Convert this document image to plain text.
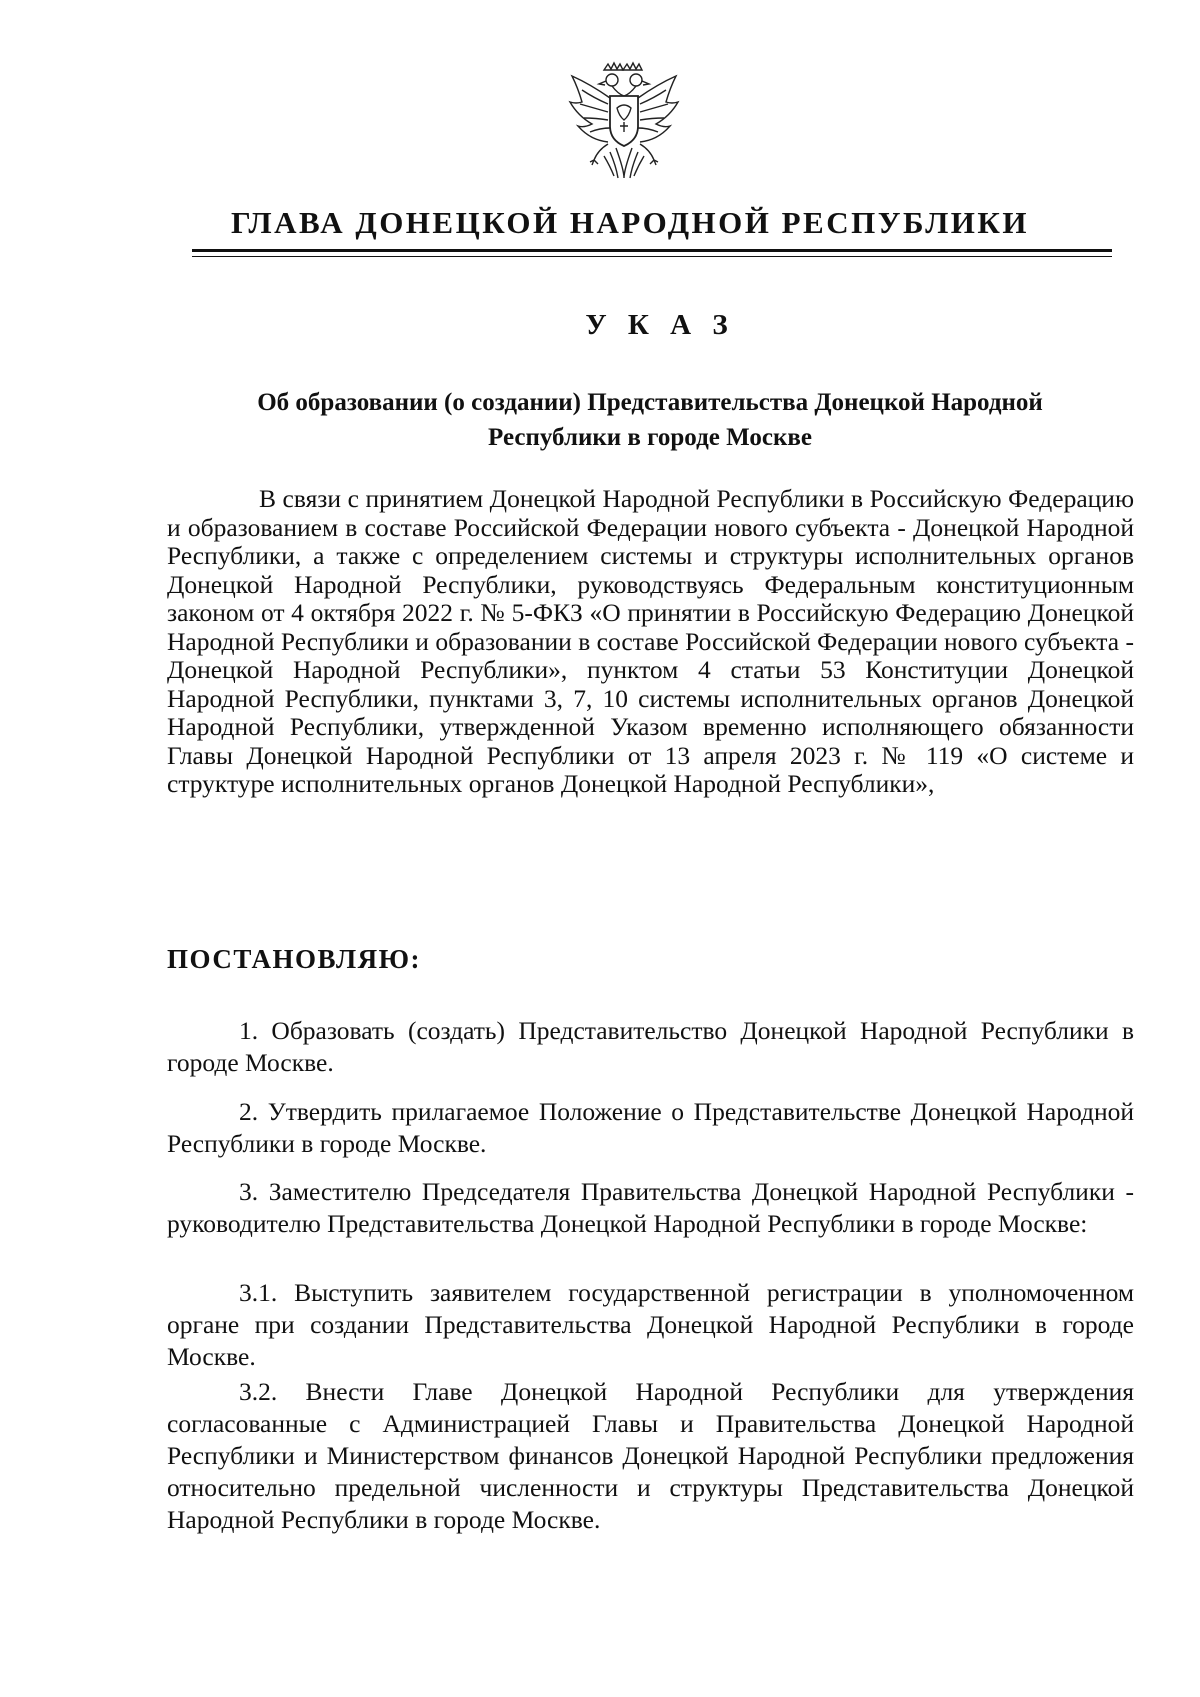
ГЛАВА ДОНЕЦКОЙ НАРОДНОЙ РЕСПУБЛИКИ
У К А З
Об образовании (о создании) Представительства Донецкой Народной Республики в городе Москве
В связи с принятием Донецкой Народной Республики в Российскую Федерацию и образованием в составе Российской Федерации нового субъекта - Донецкой Народной Республики, а также с определением системы и структуры исполнительных органов Донецкой Народной Республики, руководствуясь Федеральным конституционным законом от 4 октября 2022 г. № 5-ФКЗ «О принятии в Российскую Федерацию Донецкой Народной Республики и образовании в составе Российской Федерации нового субъекта - Донецкой Народной Республики», пунктом 4 статьи 53 Конституции Донецкой Народной Республики, пунктами 3, 7, 10 системы исполнительных органов Донецкой Народной Республики, утвержденной Указом временно исполняющего обязанности Главы Донецкой Народной Республики от 13 апреля 2023 г. № 119 «О системе и структуре исполнительных органов Донецкой Народной Республики»,
ПОСТАНОВЛЯЮ:
1. Образовать (создать) Представительство Донецкой Народной Республики в городе Москве.
2. Утвердить прилагаемое Положение о Представительстве Донецкой Народной Республики в городе Москве.
3. Заместителю Председателя Правительства Донецкой Народной Республики - руководителю Представительства Донецкой Народной Республики в городе Москве:
3.1. Выступить заявителем государственной регистрации в уполномоченном органе при создании Представительства Донецкой Народной Республики в городе Москве.
3.2. Внести Главе Донецкой Народной Республики для утверждения согласованные с Администрацией Главы и Правительства Донецкой Народной Республики и Министерством финансов Донецкой Народной Республики предложения относительно предельной численности и структуры Представительства Донецкой Народной Республики в городе Москве.
